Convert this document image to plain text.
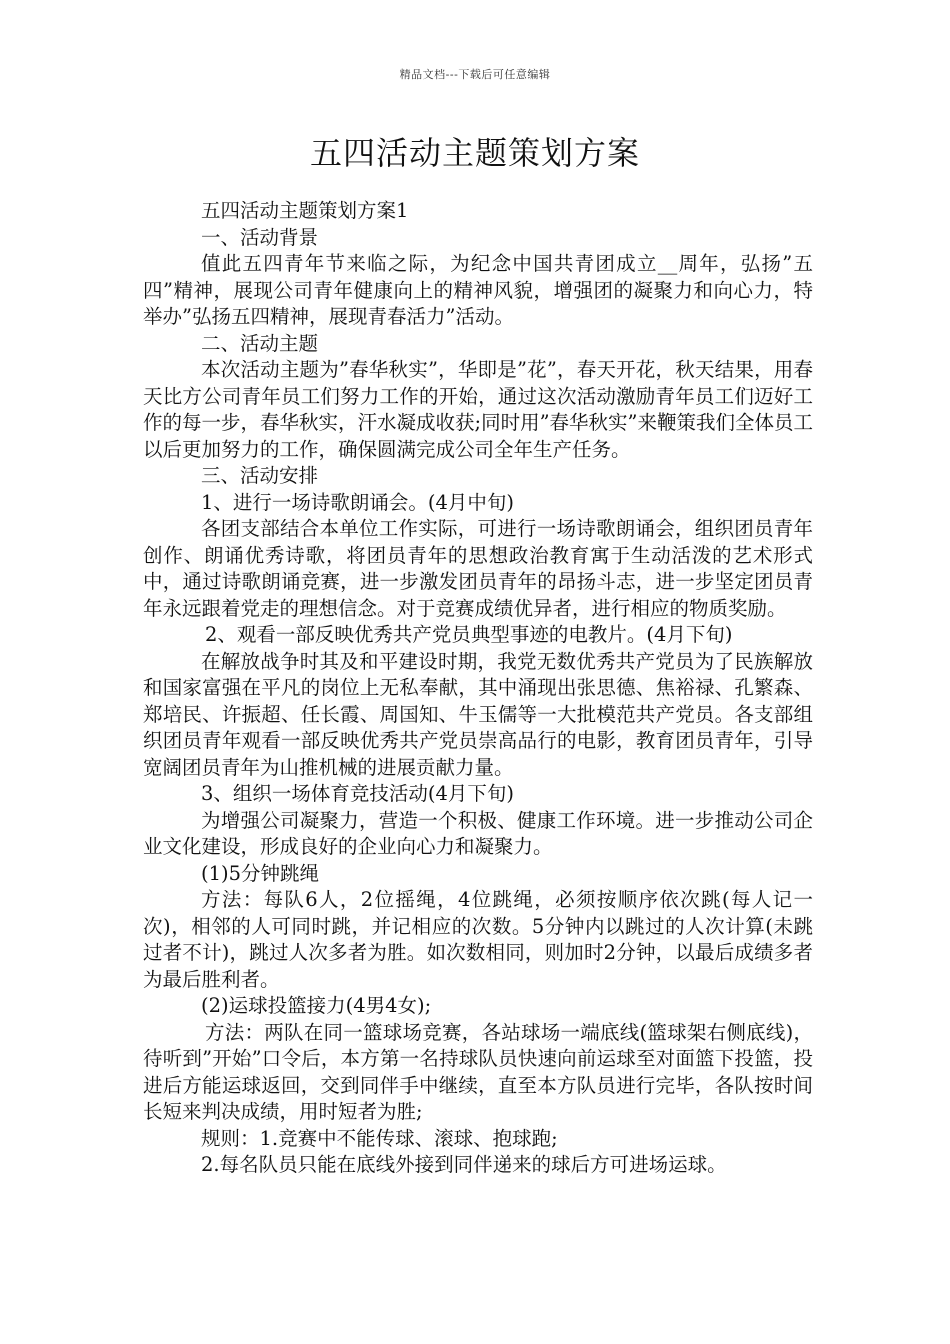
精品文档---下载后可任意编辑
五四活动主题策划方案

五四活动主题策划方案1

一、活动背景

值此五四青年节来临之际，为纪念中国共青团成立__周年，弘扬”五四”精神，展现公司青年健康向上的精神风貌，增强团的凝聚力和向心力，特举办”弘扬五四精神，展现青春活力”活动。

二、活动主题

本次活动主题为”春华秋实”，华即是”花”，春天开花，秋天结果，用春天比方公司青年员工们努力工作的开始，通过这次活动激励青年员工们迈好工作的每一步，春华秋实，汗水凝成收获;同时用”春华秋实”来鞭策我们全体员工以后更加努力的工作，确保圆满完成公司全年生产任务。

三、活动安排

1、进行一场诗歌朗诵会。(4月中旬)

各团支部结合本单位工作实际，可进行一场诗歌朗诵会，组织团员青年创作、朗诵优秀诗歌，将团员青年的思想政治教育寓于生动活泼的艺术形式中，通过诗歌朗诵竞赛，进一步激发团员青年的昂扬斗志，进一步坚定团员青年永远跟着党走的理想信念。对于竞赛成绩优异者，进行相应的物质奖励。

2、观看一部反映优秀共产党员典型事迹的电教片。(4月下旬)

在解放战争时其及和平建设时期，我党无数优秀共产党员为了民族解放和国家富强在平凡的岗位上无私奉献，其中涌现出张思德、焦裕禄、孔繁森、郑培民、许振超、任长霞、周国知、牛玉儒等一大批模范共产党员。各支部组织团员青年观看一部反映优秀共产党员崇高品行的电影，教育团员青年，引导宽阔团员青年为山推机械的进展贡献力量。

3、组织一场体育竞技活动(4月下旬)

为增强公司凝聚力，营造一个积极、健康工作环境。进一步推动公司企业文化建设，形成良好的企业向心力和凝聚力。

(1)5分钟跳绳

方法：每队6人，2位摇绳，4位跳绳，必须按顺序依次跳(每人记一次)，相邻的人可同时跳，并记相应的次数。5分钟内以跳过的人次计算(未跳过者不计)，跳过人次多者为胜。如次数相同，则加时2分钟，以最后成绩多者为最后胜利者。

(2)运球投篮接力(4男4女);

方法：两队在同一篮球场竞赛，各站球场一端底线(篮球架右侧底线)，待听到”开始”口令后，本方第一名持球队员快速向前运球至对面篮下投篮，投进后方能运球返回，交到同伴手中继续，直至本方队员进行完毕，各队按时间长短来判决成绩，用时短者为胜;

规则：1.竞赛中不能传球、滚球、抱球跑;

2.每名队员只能在底线外接到同伴递来的球后方可进场运球。
